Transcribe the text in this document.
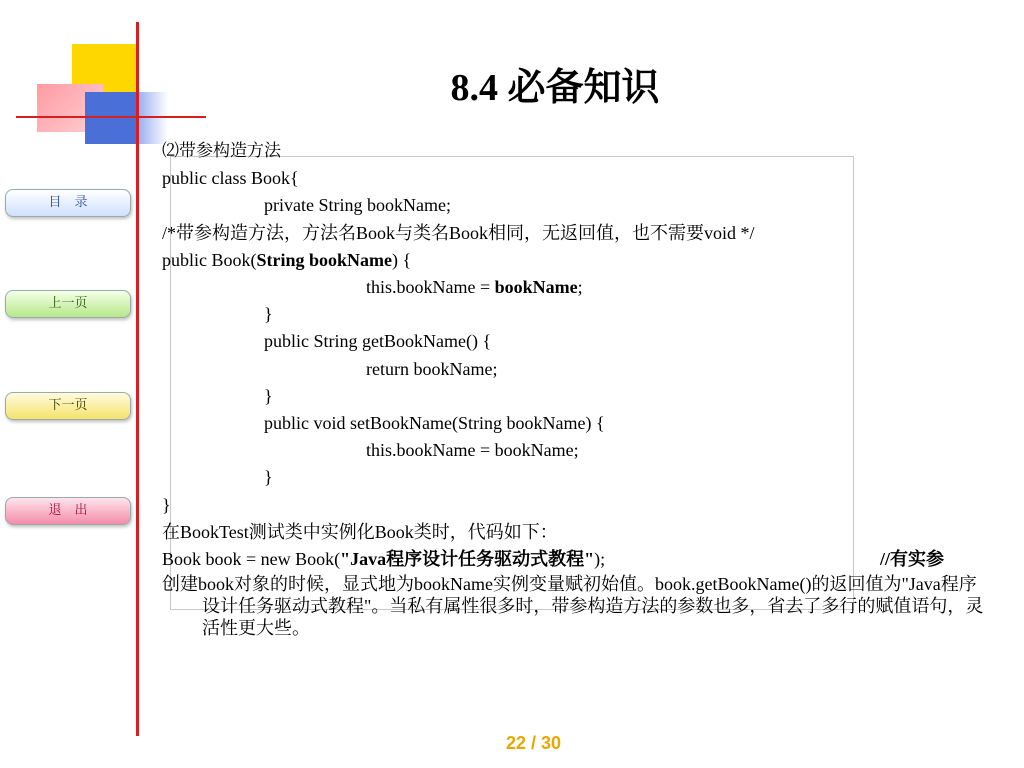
8.4 必备知识
目　录
上一页
下一页
退　出
⑵带参构造方法
public class Book{
private String bookName;
/*带参构造方法，方法名Book与类名Book相同，无返回值，也不需要void */
public Book(String bookName) {
this.bookName = bookName;
}
public String getBookName() {
return bookName;
}
public void setBookName(String bookName) {
this.bookName = bookName;
}
}
在BookTest测试类中实例化Book类时，代码如下：
Book book = new Book("Java程序设计任务驱动式教程");	//有实参
创建book对象的时候，显式地为bookName实例变量赋初始值。book.getBookName()的返回值为"Java程序设计任务驱动式教程"。当私有属性很多时，带参构造方法的参数也多，省去了多行的赋值语句，灵活性更大些。
22 / 30
